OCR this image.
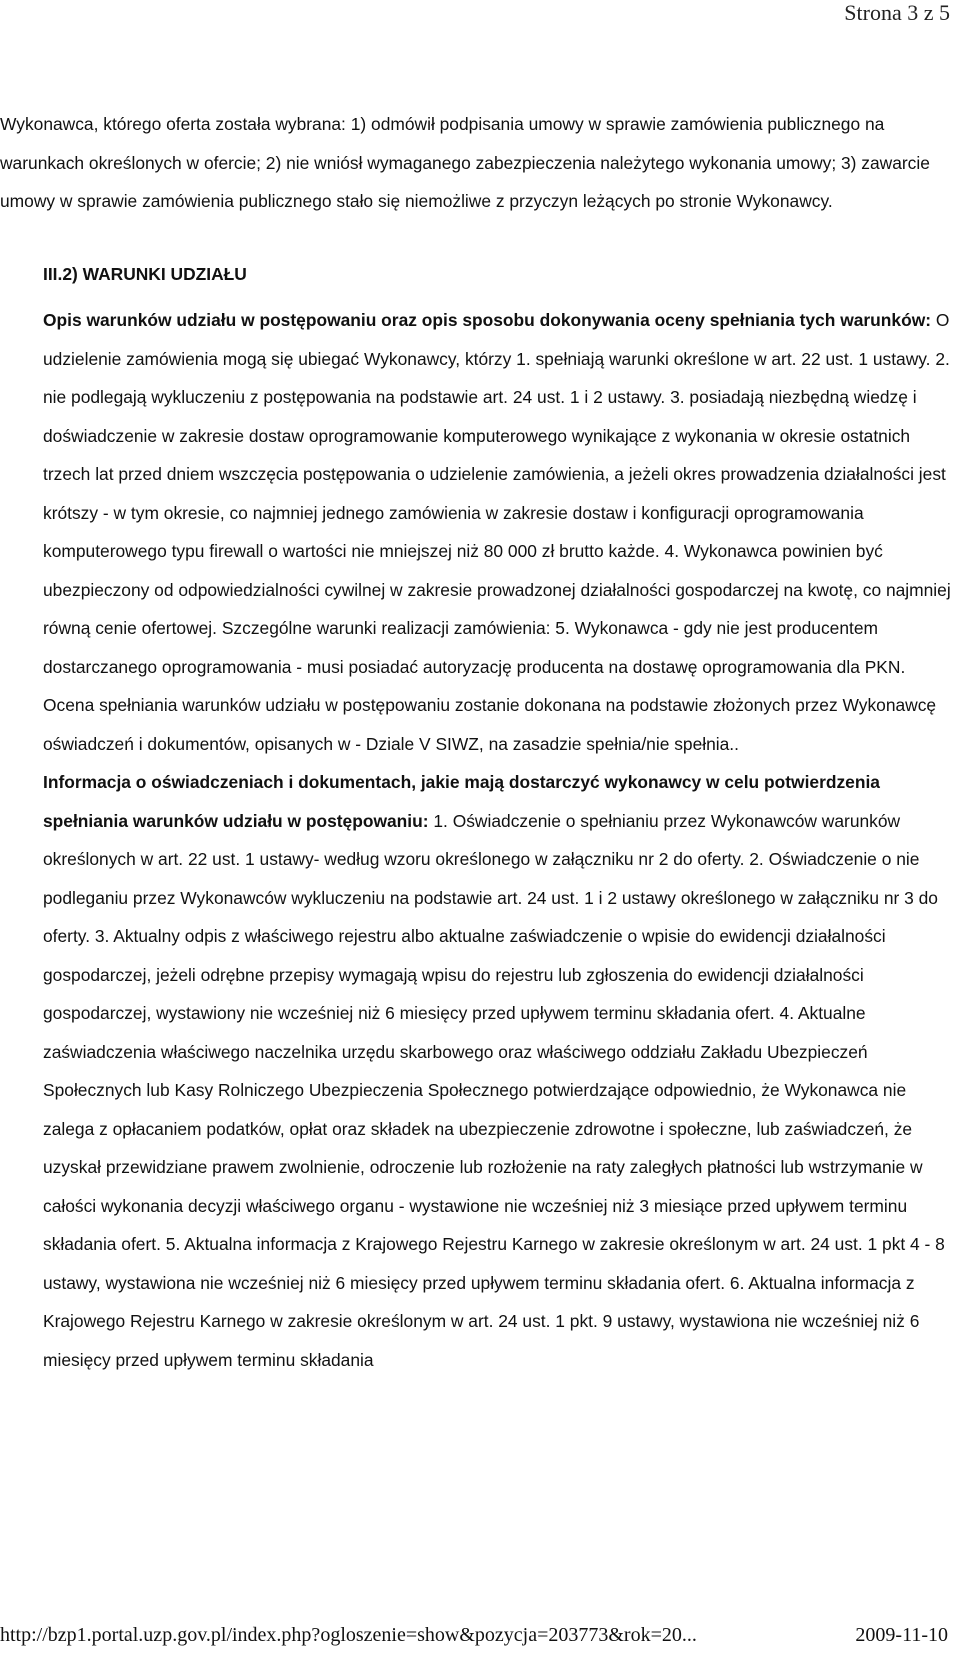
Strona 3 z 5

Wykonawca, którego oferta została wybrana: 1) odmówił podpisania umowy w sprawie zamówienia publicznego na warunkach określonych w ofercie; 2) nie wniósł wymaganego zabezpieczenia należytego wykonania umowy; 3) zawarcie umowy w sprawie zamówienia publicznego stało się niemożliwe z przyczyn leżących po stronie Wykonawcy.

III.2) WARUNKI UDZIAŁU

Opis warunków udziału w postępowaniu oraz opis sposobu dokonywania oceny spełniania tych warunków: O udzielenie zamówienia mogą się ubiegać Wykonawcy, którzy 1. spełniają warunki określone w art. 22 ust. 1 ustawy. 2. nie podlegają wykluczeniu z postępowania na podstawie art. 24 ust. 1 i 2 ustawy. 3. posiadają niezbędną wiedzę i doświadczenie w zakresie dostaw oprogramowanie komputerowego wynikające z wykonania w okresie ostatnich trzech lat przed dniem wszczęcia postępowania o udzielenie zamówienia, a jeżeli okres prowadzenia działalności jest krótszy - w tym okresie, co najmniej jednego zamówienia w zakresie dostaw i konfiguracji oprogramowania komputerowego typu firewall o wartości nie mniejszej niż 80 000 zł brutto każde. 4. Wykonawca powinien być ubezpieczony od odpowiedzialności cywilnej w zakresie prowadzonej działalności gospodarczej na kwotę, co najmniej równą cenie ofertowej. Szczególne warunki realizacji zamówienia: 5. Wykonawca - gdy nie jest producentem dostarczanego oprogramowania - musi posiadać autoryzację producenta na dostawę oprogramowania dla PKN. Ocena spełniania warunków udziału w postępowaniu zostanie dokonana na podstawie złożonych przez Wykonawcę oświadczeń i dokumentów, opisanych w - Dziale V SIWZ, na zasadzie spełnia/nie spełnia..

Informacja o oświadczeniach i dokumentach, jakie mają dostarczyć wykonawcy w celu potwierdzenia spełniania warunków udziału w postępowaniu: 1. Oświadczenie o spełnianiu przez Wykonawców warunków określonych w art. 22 ust. 1 ustawy- według wzoru określonego w załączniku nr 2 do oferty. 2. Oświadczenie o nie podleganiu przez Wykonawców wykluczeniu na podstawie art. 24 ust. 1 i 2 ustawy określonego w załączniku nr 3 do oferty. 3. Aktualny odpis z właściwego rejestru albo aktualne zaświadczenie o wpisie do ewidencji działalności gospodarczej, jeżeli odrębne przepisy wymagają wpisu do rejestru lub zgłoszenia do ewidencji działalności gospodarczej, wystawiony nie wcześniej niż 6 miesięcy przed upływem terminu składania ofert. 4. Aktualne zaświadczenia właściwego naczelnika urzędu skarbowego oraz właściwego oddziału Zakładu Ubezpieczeń Społecznych lub Kasy Rolniczego Ubezpieczenia Społecznego potwierdzające odpowiednio, że Wykonawca nie zalega z opłacaniem podatków, opłat oraz składek na ubezpieczenie zdrowotne i społeczne, lub zaświadczeń, że uzyskał przewidziane prawem zwolnienie, odroczenie lub rozłożenie na raty zaległych płatności lub wstrzymanie w całości wykonania decyzji właściwego organu - wystawione nie wcześniej niż 3 miesiące przed upływem terminu składania ofert. 5. Aktualna informacja z Krajowego Rejestru Karnego w zakresie określonym w art. 24 ust. 1 pkt 4 - 8 ustawy, wystawiona nie wcześniej niż 6 miesięcy przed upływem terminu składania ofert. 6. Aktualna informacja z Krajowego Rejestru Karnego w zakresie określonym w art. 24 ust. 1 pkt. 9 ustawy, wystawiona nie wcześniej niż 6 miesięcy przed upływem terminu składania

http://bzp1.portal.uzp.gov.pl/index.php?ogloszenie=show&pozycja=203773&rok=20...	2009-11-10
